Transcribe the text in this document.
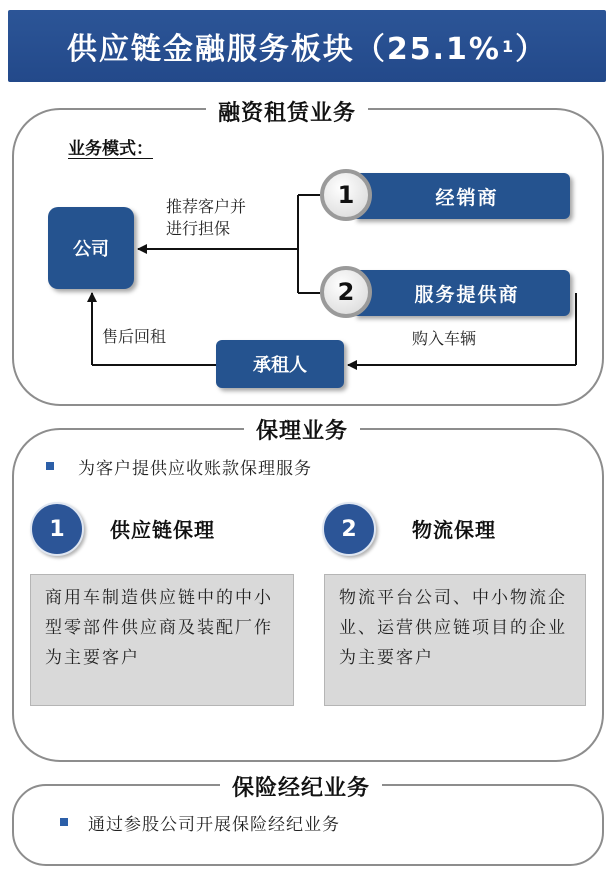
供应链金融服务板块（25.1% 1 ）
融资租赁业务
业务模式：
公司
经销商
1
服务提供商
2
承租人
推荐客户并
进行担保
购入车辆
售后回租
保理业务
为客户提供应收账款保理服务
1	供应链保理
商用车制造供应链中的中小型零部件供应商及装配厂作为主要客户
2	物流保理
物流平台公司、中小物流企业、运营供应链项目的企业为主要客户
保险经纪业务
通过参股公司开展保险经纪业务
